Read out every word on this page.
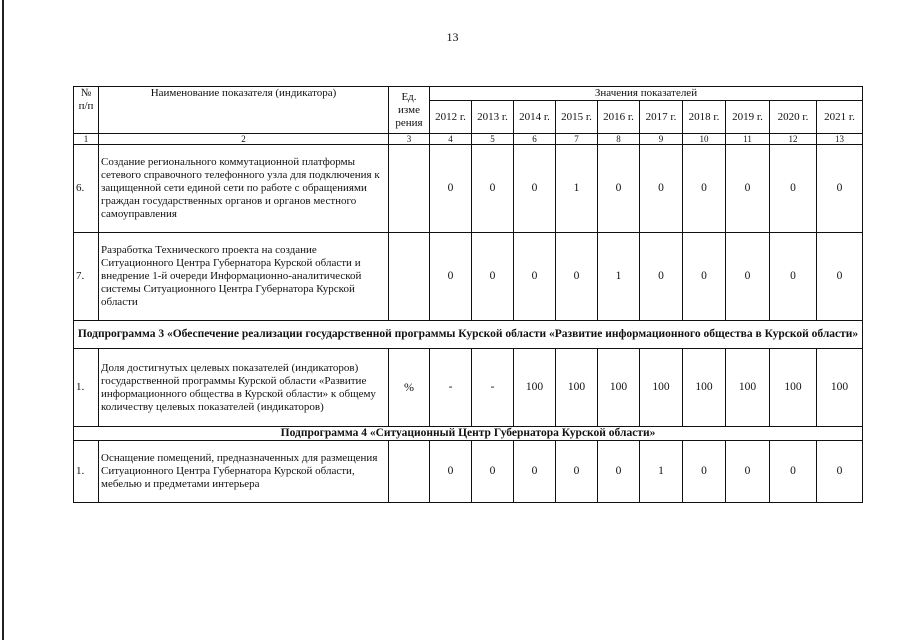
13
№ п/п	Наименование показателя (индикатора)	Ед. изме рения	Значения показателей									
			2012 г.	2013 г.	2014 г.	2015 г.	2016 г.	2017 г.	2018 г.	2019 г.	2020 г.	2021 г.
1	2	3	4	5	6	7	8	9	10	11	12	13
6.	Создание регионального коммутационной платформы сетевого справочного телефонного узла для подключения к защищенной сети единой сети по работе с обращениями граждан государственных органов и органов местного самоуправления		0	0	0	1	0	0	0	0	0	0
7.	Разработка Технического проекта на создание Ситуационного Центра Губернатора Курской области и внедрение 1-й очереди Информационно-аналитической системы Ситуационного Центра Губернатора Курской области		0	0	0	0	1	0	0	0	0	0
Подпрограмма 3 «Обеспечение реализации государственной программы Курской области «Развитие информационного общества в Курской области»												
1.	Доля достигнутых целевых показателей (индикаторов) государственной программы Курской области «Развитие информационного общества в Курской области» к общему количеству целевых показателей (индикаторов)	%	-	-	100	100	100	100	100	100	100	100
Подпрограмма 4 «Ситуационный Центр Губернатора Курской области»												
1.	Оснащение помещений, предназначенных для размещения Ситуационного Центра Губернатора Курской области, мебелью и предметами интерьера		0	0	0	0	0	1	0	0	0	0
